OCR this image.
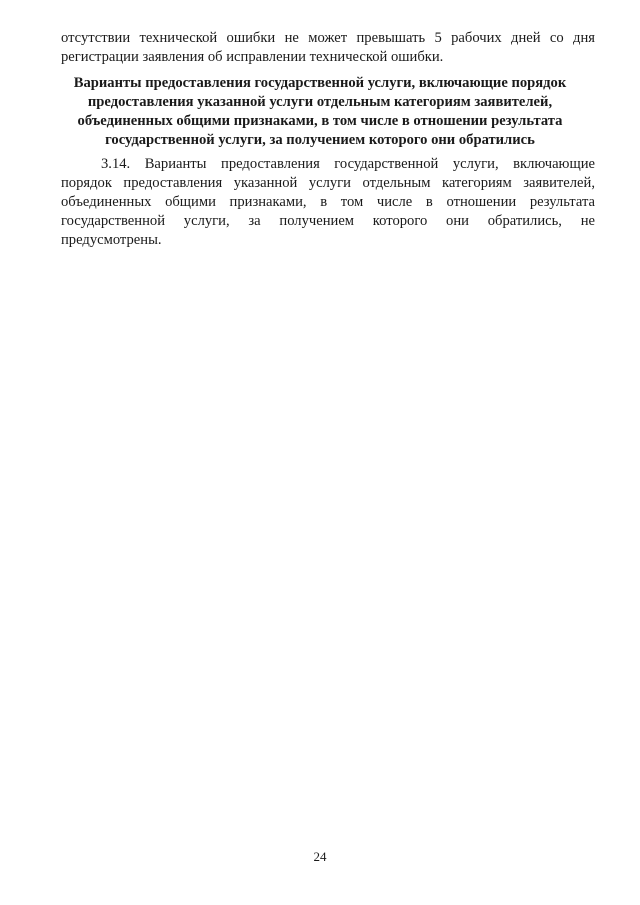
отсутствии технической ошибки не может превышать 5 рабочих дней со дня
регистрации заявления об исправлении технической ошибки.
Варианты предоставления государственной услуги, включающие порядок
предоставления указанной услуги отдельным категориям заявителей,
объединенных общими признаками, в том числе в отношении результата
государственной услуги, за получением которого они обратились
3.14. Варианты предоставления государственной услуги, включающие
порядок предоставления указанной услуги отдельным категориям заявителей,
объединенных общими признаками, в том числе в отношении результата
государственной услуги, за получением которого они обратились, не
предусмотрены.
24
